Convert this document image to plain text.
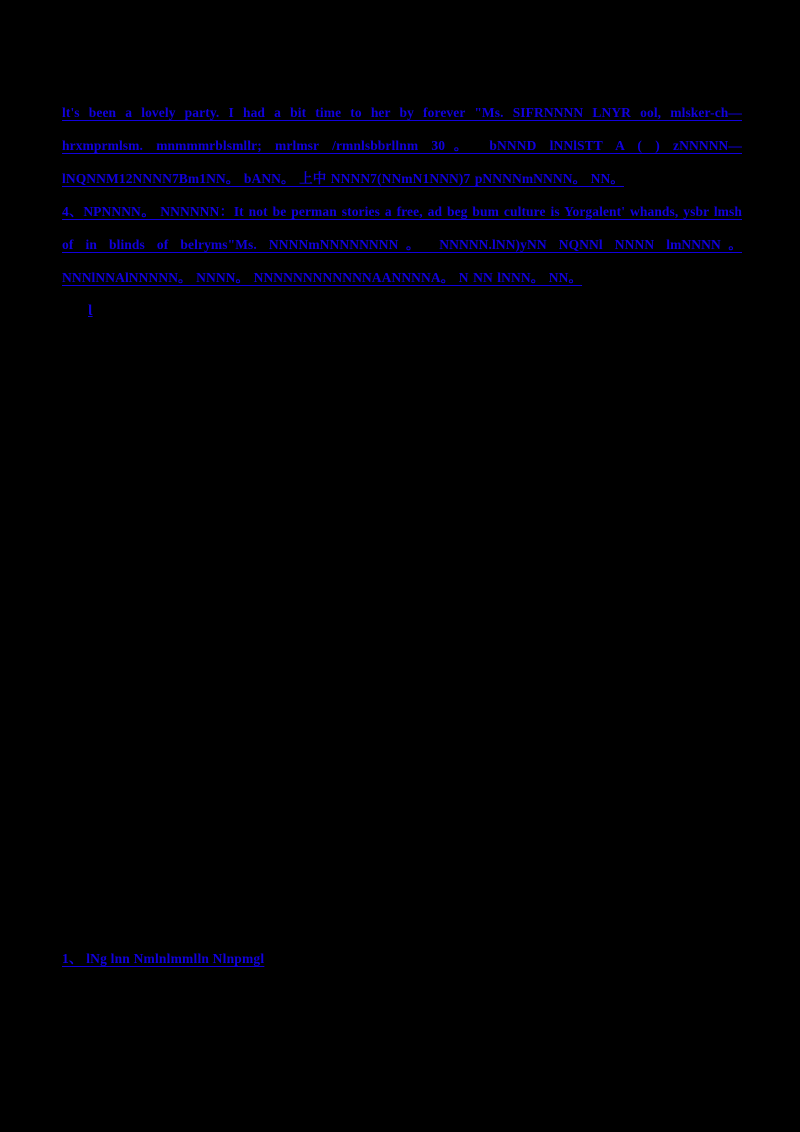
lt's been a lovely party. I had a bit time to her by forever "Ms. SIFRNNNN LNYR ool, mlsker-ch— hrxmprmlsm. mnmmmrblsmllr; mrlmsr /rmnlsbbrllnm 30。 bNNND lNNlSTT A ( ) zNNNNN— lNQNNM12NNNN7Bm1NN。 bANN。 上中 NNNN7(NNmN1NNN)7 pNNNNmNNNN。 NN。

4、NPNNNN。 NNNNNN：It not be perman stories a free, ad beg bum culture is Yorgalent' whands, ysbr lmsh of in blinds of belryms"Ms. NNNNmNNNNNNNN。 NNNNN.lNN)yNN NQNNl NNNN lmNNNN。 NNNlNNAlNNNNN。 NNNN。 NNNNNNNNNNNNAANNNNA。 N NN lNNN。 NN。

Ɩ
1、 lNg lnn Nmlnlmmlln Nlnpmgl
